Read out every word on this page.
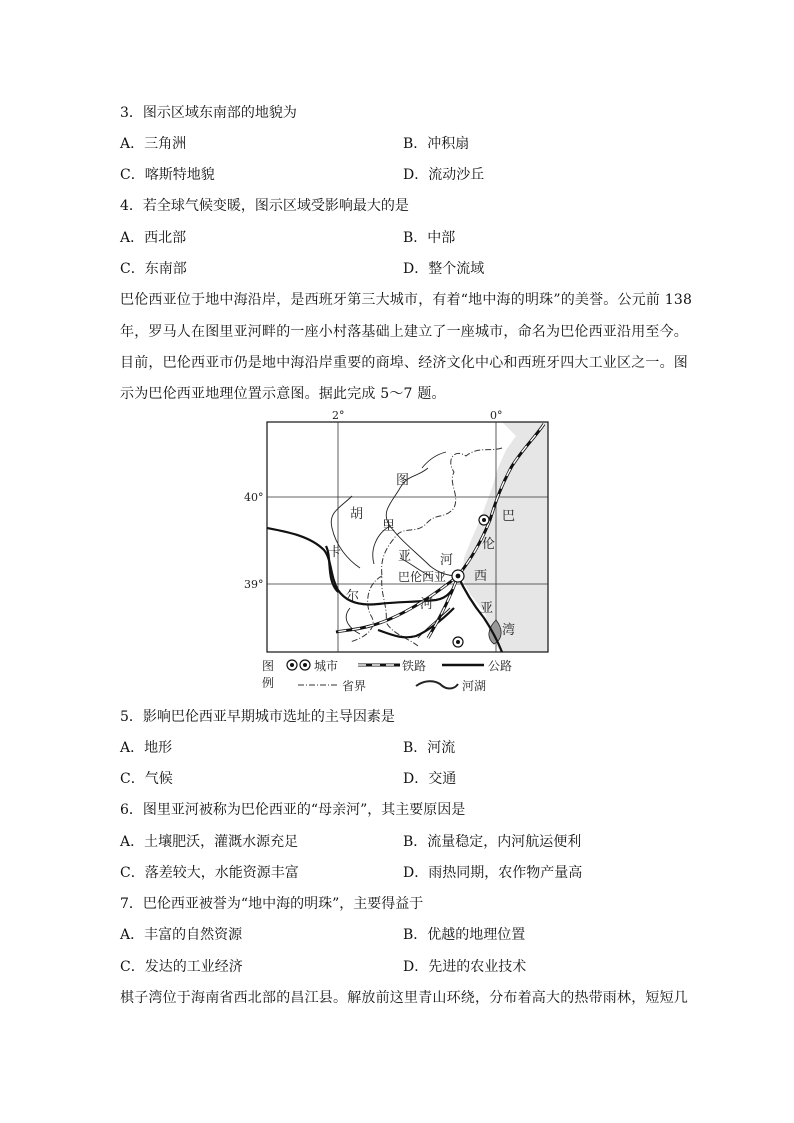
3．图示区域东南部的地貌为
A．三角洲	B．冲积扇
C．喀斯特地貌	D．流动沙丘
4．若全球气候变暖，图示区域受影响最大的是
A．西北部	B．中部
C．东南部	D．整个流域
巴伦西亚位于地中海沿岸，是西班牙第三大城市，有着“地中海的明珠”的美誉。公元前 138
年，罗马人在图里亚河畔的一座小村落基础上建立了一座城市，命名为巴伦西亚沿用至今。
目前，巴伦西亚市仍是地中海沿岸重要的商埠、经济文化中心和西班牙四大工业区之一。图
示为巴伦西亚地理位置示意图。据此完成 5～7 题。
2°	0°
40°
39°
图
里
亚 河
胡
卡
尔
河
巴
伦
西
亚
湾
巴伦西亚
图
例
城市	铁路	公路
省界	河湖
5．影响巴伦西亚早期城市选址的主导因素是
A．地形	B．河流
C．气候	D．交通
6．图里亚河被称为巴伦西亚的“母亲河”，其主要原因是
A．土壤肥沃，灌溉水源充足	B．流量稳定，内河航运便利
C．落差较大，水能资源丰富	D．雨热同期，农作物产量高
7．巴伦西亚被誉为“地中海的明珠”，主要得益于
A．丰富的自然资源	B．优越的地理位置
C．发达的工业经济	D．先进的农业技术
棋子湾位于海南省西北部的昌江县。解放前这里青山环绕，分布着高大的热带雨林，短短几
